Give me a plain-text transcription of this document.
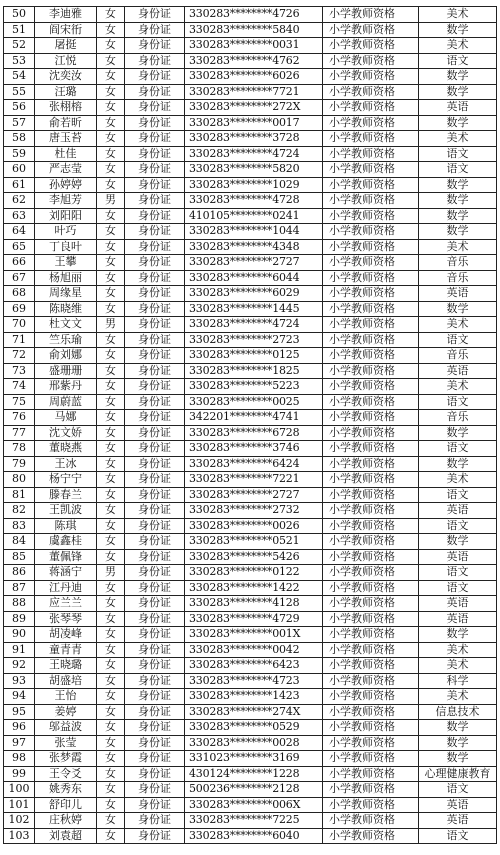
50	李迪雅	女	身份证	330283********4726	小学教师资格	美术
51	阎宋衎	女	身份证	330283********5840	小学教师资格	数学
52	屠挺	女	身份证	330283********0031	小学教师资格	美术
53	江悦	女	身份证	330283********4762	小学教师资格	语文
54	沈奕汝	女	身份证	330283********6026	小学教师资格	数学
55	汪璐	女	身份证	330283********7721	小学教师资格	数学
56	张栩榕	女	身份证	330283********272X	小学教师资格	英语
57	俞若昕	女	身份证	330283********0017	小学教师资格	数学
58	唐玉苔	女	身份证	330283********3728	小学教师资格	美术
59	杜佳	女	身份证	330283********4724	小学教师资格	语文
60	严志莹	女	身份证	330283********5820	小学教师资格	语文
61	孙婷婷	女	身份证	330283********1029	小学教师资格	数学
62	李旭芳	男	身份证	330283********4728	小学教师资格	数学
63	刘阳阳	女	身份证	410105********0241	小学教师资格	数学
64	叶巧	女	身份证	330283********1044	小学教师资格	数学
65	丁良叶	女	身份证	330283********4348	小学教师资格	美术
66	王攀	女	身份证	330283********2727	小学教师资格	音乐
67	杨旭丽	女	身份证	330283********6044	小学教师资格	音乐
68	周缘星	女	身份证	330283********6029	小学教师资格	英语
69	陈晓维	女	身份证	330283********1445	小学教师资格	数学
70	杜文文	男	身份证	330283********4724	小学教师资格	美术
71	竺乐瑜	女	身份证	330283********2723	小学教师资格	语文
72	俞刘娜	女	身份证	330283********0125	小学教师资格	音乐
73	盛珊珊	女	身份证	330283********1825	小学教师资格	英语
74	邢紫丹	女	身份证	330283********5223	小学教师资格	美术
75	周蔚蓝	女	身份证	330283********0025	小学教师资格	语文
76	马娜	女	身份证	342201********4741	小学教师资格	音乐
77	沈文娇	女	身份证	330283********6728	小学教师资格	数学
78	董晓燕	女	身份证	330283********3746	小学教师资格	语文
79	王冰	女	身份证	330283********6424	小学教师资格	数学
80	杨宁宁	女	身份证	330283********7221	小学教师资格	美术
81	滕春兰	女	身份证	330283********2727	小学教师资格	语文
82	王凯波	女	身份证	330283********2732	小学教师资格	英语
83	陈琪	女	身份证	330283********0026	小学教师资格	语文
84	虞鑫桂	女	身份证	330283********0521	小学教师资格	数学
85	董佩锋	女	身份证	330283********5426	小学教师资格	英语
86	蒋涵宁	男	身份证	330283********0122	小学教师资格	语文
87	江丹迪	女	身份证	330283********1422	小学教师资格	语文
88	应兰兰	女	身份证	330283********4128	小学教师资格	英语
89	张琴琴	女	身份证	330283********4729	小学教师资格	英语
90	胡凌峰	女	身份证	330283********001X	小学教师资格	数学
91	童青青	女	身份证	330283********0042	小学教师资格	美术
92	王晓璐	女	身份证	330283********6423	小学教师资格	美术
93	胡盛培	女	身份证	330283********4723	小学教师资格	科学
94	王怡	女	身份证	330283********1423	小学教师资格	美术
95	姜婷	女	身份证	330283********274X	小学教师资格	信息技术
96	邬益波	女	身份证	330283********0529	小学教师资格	数学
97	张莹	女	身份证	330283********0028	小学教师资格	数学
98	张梦霞	女	身份证	331023********3169	小学教师资格	数学
99	王令爻	女	身份证	430124********1228	小学教师资格	心理健康教育
100	姚秀东	女	身份证	500236********2128	小学教师资格	语文
101	舒印儿	女	身份证	330283********006X	小学教师资格	英语
102	庄秋婷	女	身份证	330283********7225	小学教师资格	英语
103	刘袁超	女	身份证	330283********6040	小学教师资格	语文
